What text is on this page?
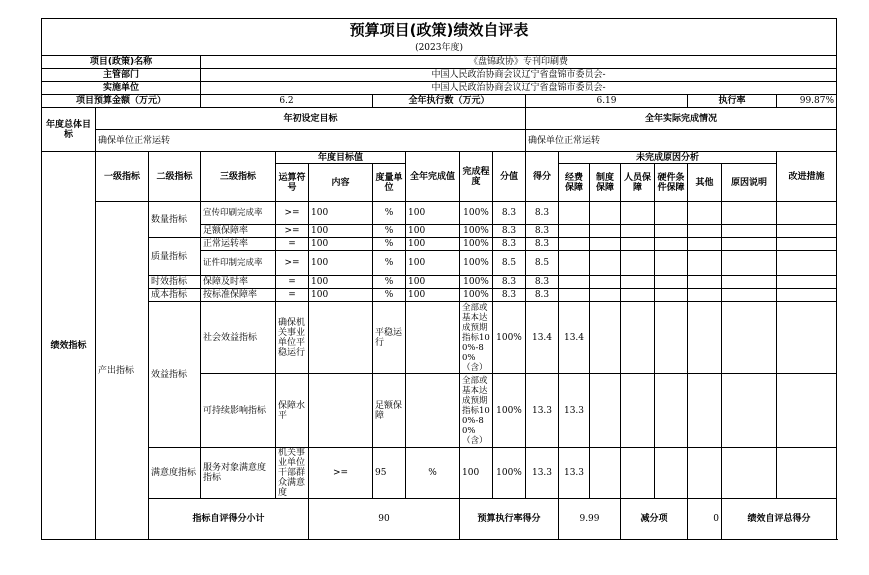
预算项目(政策)绩效自评表																		
(2023年度)																		
项目(政策)名称			《盘锦政协》专刊印刷费															
主管部门			中国人民政治协商会议辽宁省盘锦市委员会-															
实施单位			中国人民政治协商会议辽宁省盘锦市委员会-															
项目预算金额（万元）			6.2			全年执行数（万元）				6.19					执行率		99.87%	
年度总体目标	年初设定目标									全年实际完成情况								
	确保单位正常运转									确保单位正常运转								
绩效指标	一级指标	二级指标	三级指标	年度目标值			全年完成值	完成程度	分值	得分	未完成原因分析						改进措施	
				运算符号	内容	度量单位					经费保障	制度保障	人员保障	硬件条件保障	其他	原因说明		
	产出指标	数量指标	宣传印刷完成率	>=	100	%	100	100%	8.3	8.3								

			足额保障率	>=	100	%	100	100%	8.3	8.3								
		质量指标	正常运转率	=	100	%	100	100%	8.3	8.3								
			证件印制完成率	>=	100	%	100	100%	8.5	8.5								

		时效指标	保障及时率	=	100	%	100	100%	8.3	8.3								
		成本指标	按标准保障率	=	100	%	100	100%	8.3	8.3								
		效益指标	社会效益指标	确保机关事业单位平稳运行		平稳运行		全部或基本达成预期指标100%-80%（含）	100%	13.4	13.4							
			可持续影响指标	保障水平		足额保障		全部或基本达成预期指标100%-80%（含）	100%	13.3	13.3							
		满意度指标	服务对象满意度指标	机关事业单位干部群众满意度	>=	95	%	100	100%	13.3	13.3							
		指标自评得分小计			90			预算执行率得分			9.99		减分项		0	绩效自评总得分	
